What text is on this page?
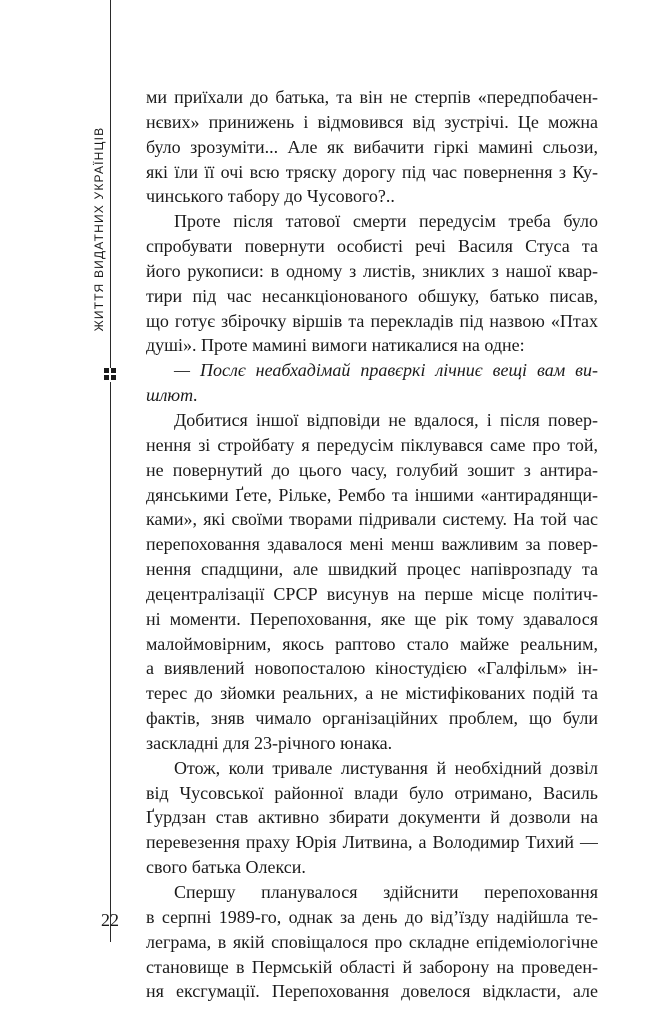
ЖИТТЯ ВИДАТНИХ УКРАЇНЦІВ
ми приїхали до батька, та він не стерпів «передпобачен-
нєвих» принижень і відмовився від зустрічі. Це можна
було зрозуміти... Але як вибачити гіркі мамині сльози,
які їли її очі всю тряску дорогу під час повернення з Ку-
чинського табору до Чусового?..
Проте після татової смерти передусім треба було
спробувати повернути особисті речі Василя Стуса та
його рукописи: в одному з листів, зниклих з нашої квар-
тири під час несанкціонованого обшуку, батько писав,
що готує збірочку віршів та перекладів під назвою «Птах
душі». Проте мамині вимоги натикалися на одне:
— Послє неабхадімай правєркі лічниє вещі вам ви-
шлют.
Добитися іншої відповіди не вдалося, і після повер-
нення зі стройбату я передусім піклувався саме про той,
не повернутий до цього часу, голубий зошит з антира-
дянськими Ґете, Рільке, Рембо та іншими «антирадянщи-
ками», які своїми творами підривали систему. На той час
перепоховання здавалося мені менш важливим за повер-
нення спадщини, але швидкий процес напіврозпаду та
децентралізації СРСР висунув на перше місце політич-
ні моменти. Перепоховання, яке ще рік тому здавалося
малоймовірним, якось раптово стало майже реальним,
а виявлений новопосталою кіностудією «Галфільм» ін-
терес до зйомки реальних, а не містифікованих подій та
фактів, зняв чимало організаційних проблем, що були
заскладні для 23-річного юнака.
Отож, коли тривале листування й необхідний дозвіл
від Чусовської районної влади було отримано, Василь
Ґурдзан став активно збирати документи й дозволи на
перевезення праху Юрія Литвина, а Володимир Тихий —
свого батька Олекси.
Спершу планувалося здійснити перепоховання
в серпні 1989-го, однак за день до від’їзду надійшла те-
леграма, в якій сповіщалося про складне епідеміологічне
становище в Пермській області й заборону на проведен-
ня ексгумації. Перепоховання довелося відкласти, але
22
